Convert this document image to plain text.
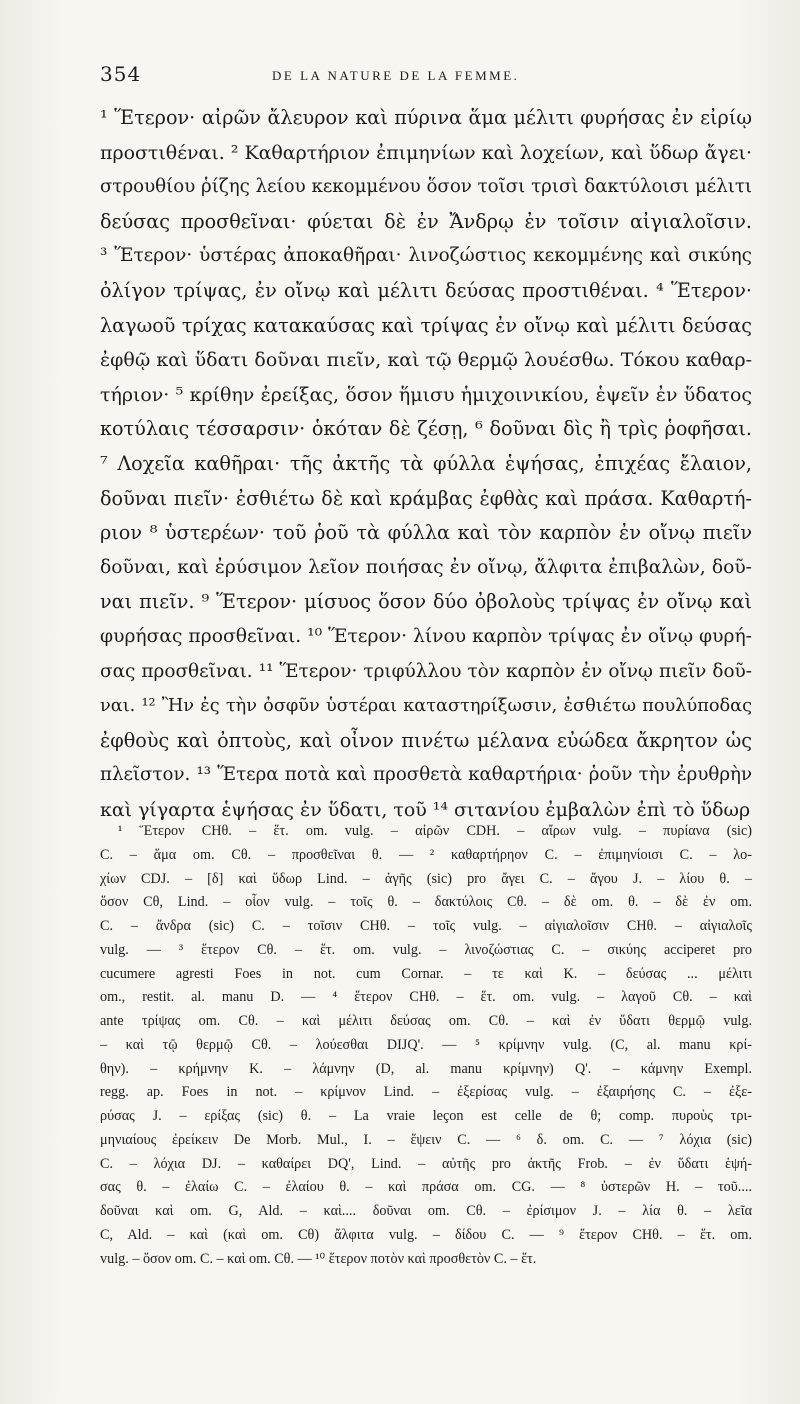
354	DE LA NATURE DE LA FEMME.
¹ Ἕτερον· αἰρῶν ἄλευρον καὶ πύρινα ἅμα μέλιτι φυρήσας ἐν εἰρίῳ
προστιθέναι. ² Καθαρτήριον ἐπιμηνίων καὶ λοχείων, καὶ ὕδωρ ἄγει·
στρουθίου ῥίζης λείου κεκομμένου ὅσον τοῖσι τρισὶ δακτύλοισι μέλιτι
δεύσας προσθεῖναι· φύεται δὲ ἐν Ἄνδρῳ ἐν τοῖσιν αἰγιαλοῖσιν.
³ Ἕτερον· ὑστέρας ἀποκαθῆραι· λινοζώστιος κεκομμένης καὶ σικύης
ὀλίγον τρίψας, ἐν οἴνῳ καὶ μέλιτι δεύσας προστιθέναι. ⁴ Ἕτερον·
λαγωοῦ τρίχας κατακαύσας καὶ τρίψας ἐν οἴνῳ καὶ μέλιτι δεύσας
ἐφθῷ καὶ ὕδατι δοῦναι πιεῖν, καὶ τῷ θερμῷ λουέσθω. Τόκου καθαρ-
τήριον· ⁵ κρίθην ἐρείξας, ὅσον ἥμισυ ἡμιχοινικίου, ἑψεῖν ἐν ὕδατος
κοτύλαις τέσσαρσιν· ὁκόταν δὲ ζέσῃ, ⁶ δοῦναι δὶς ἢ τρὶς ῥοφῆσαι.
⁷ Λοχεῖα καθῆραι· τῆς ἀκτῆς τὰ φύλλα ἑψήσας, ἐπιχέας ἔλαιον,
δοῦναι πιεῖν· ἐσθιέτω δὲ καὶ κράμβας ἐφθὰς καὶ πράσα. Καθαρτή-
ριον ⁸ ὑστερέων· τοῦ ῥοῦ τὰ φύλλα καὶ τὸν καρπὸν ἐν οἴνῳ πιεῖν
δοῦναι, καὶ ἐρύσιμον λεῖον ποιήσας ἐν οἴνῳ, ἄλφιτα ἐπιβαλὼν, δοῦ-
ναι πιεῖν. ⁹ Ἕτερον· μίσυος ὅσον δύο ὀβολοὺς τρίψας ἐν οἴνῳ καὶ
φυρήσας προσθεῖναι. ¹⁰ Ἕτερον· λίνου καρπὸν τρίψας ἐν οἴνῳ φυρή-
σας προσθεῖναι. ¹¹ Ἕτερον· τριφύλλου τὸν καρπὸν ἐν οἴνῳ πιεῖν δοῦ-
ναι. ¹² Ἢν ἐς τὴν ὀσφῦν ὑστέραι καταστηρίξωσιν, ἐσθιέτω πουλύποδας
ἐφθοὺς καὶ ὀπτοὺς, καὶ οἶνον πινέτω μέλανα εὐώδεα ἄκρητον ὡς
πλεῖστον. ¹³ Ἕτερα ποτὰ καὶ προσθετὰ καθαρτήρια· ῥοῦν τὴν ἐρυθρὴν
καὶ γίγαρτα ἑψήσας ἐν ὕδατι, τοῦ ¹⁴ σιτανίου ἐμβαλὼν ἐπὶ τὸ ὕδωρ
¹ Ἕτερον CHθ. – ἕτ. om. vulg. – αἰρῶν CDH. – αἴρων vulg. – πυρίανα (sic)
C. – ἅμα om. Cθ. – προσθεῖναι θ. — ² καθαρτήρηον C. – ἐπιμηνίοισι C. – λο-
χίων CDJ. – [δ] καὶ ὕδωρ Lind. – ἀγῆς (sic) pro ἄγει C. – ἄγου J. – λίου θ. –
ὅσον Cθ, Lind. – οἷον vulg. – τοῖς θ. – δακτύλοις Cθ. – δὲ om. θ. – δὲ ἐν om.
C. – ἄνδρα (sic) C. – τοῖσιν CHθ. – τοῖς vulg. – αἰγιαλοῖσιν CHθ. – αἰγιαλοῖς
vulg. — ³ ἕτερον Cθ. – ἕτ. om. vulg. – λινοζώστιας C. – σικύης acciperet pro
cucumere agresti Foes in not. cum Cornar. – τε καὶ K. – δεύσας ... μέλιτι
om., restit. al. manu D. — ⁴ ἕτερον CHθ. – ἕτ. om. vulg. – λαγοῦ Cθ. – καὶ
ante τρίψας om. Cθ. – καὶ μέλιτι δεύσας om. Cθ. – καὶ ἐν ὕδατι θερμῷ vulg.
– καὶ τῷ θερμῷ Cθ. – λούεσθαι DIJQ'. — ⁵ κρίμνην vulg. (C, al. manu κρί-
θην). – κρήμνην K. – λάμνην (D, al. manu κρίμνην) Q'. – κάμνην Exempl.
regg. ap. Foes in not. – κρίμνον Lind. – ἐξερίσας vulg. – ἐξαιρήσης C. – ἐξε-
ρύσας J. – ερίξας (sic) θ. – La vraie leçon est celle de θ; comp. πυροὺς τρι-
μηνιαίους ἐρείκειν De Morb. Mul., I. – ἕψειν C. — ⁶ δ. om. C. — ⁷ λόχια (sic)
C. – λόχια DJ. – καθαίρει DQ', Lind. – αὐτῆς pro ἀκτῆς Frob. – ἐν ὕδατι ἑψή-
σας θ. – ἐλαίω C. – ἐλαίου θ. – καὶ πράσα om. CG. — ⁸ ὑστερῶν H. – τοῦ....
δοῦναι καὶ om. G, Ald. – καὶ.... δοῦναι om. Cθ. – ἐρίσιμον J. – λία θ. – λεῖα
C, Ald. – καὶ (καὶ om. Cθ) ἄλφιτα vulg. – δίδου C. — ⁹ ἕτερον CHθ. – ἕτ. om.
vulg. – ὅσον om. C. – καὶ om. Cθ. — ¹⁰ ἕτερον ποτὸν καὶ προσθετὸν C. – ἕτ.
